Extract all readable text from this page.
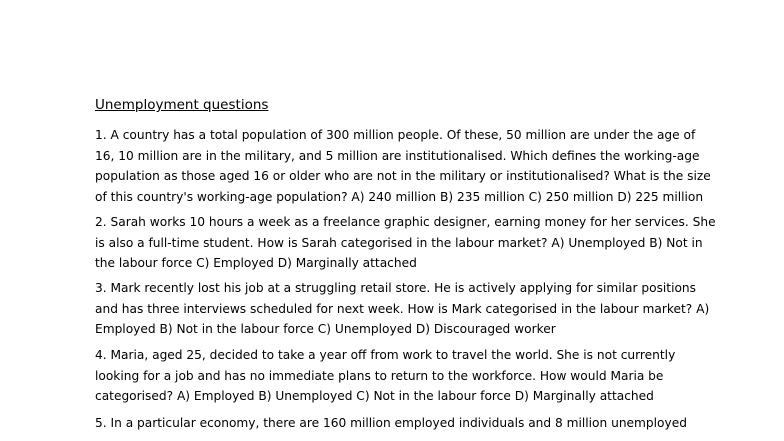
Unemployment questions
1. A country has a total population of 300 million people. Of these, 50 million are under the age of
16, 10 million are in the military, and 5 million are institutionalised. Which defines the working-age
population as those aged 16 or older who are not in the military or institutionalised? What is the size
of this country's working-age population? A) 240 million B) 235 million C) 250 million D) 225 million
2. Sarah works 10 hours a week as a freelance graphic designer, earning money for her services. She
is also a full-time student. How is Sarah categorised in the labour market? A) Unemployed B) Not in
the labour force C) Employed D) Marginally attached
3. Mark recently lost his job at a struggling retail store. He is actively applying for similar positions
and has three interviews scheduled for next week. How is Mark categorised in the labour market? A)
Employed B) Not in the labour force C) Unemployed D) Discouraged worker
4. Maria, aged 25, decided to take a year off from work to travel the world. She is not currently
looking for a job and has no immediate plans to return to the workforce. How would Maria be
categorised? A) Employed B) Unemployed C) Not in the labour force D) Marginally attached
5. In a particular economy, there are 160 million employed individuals and 8 million unemployed
